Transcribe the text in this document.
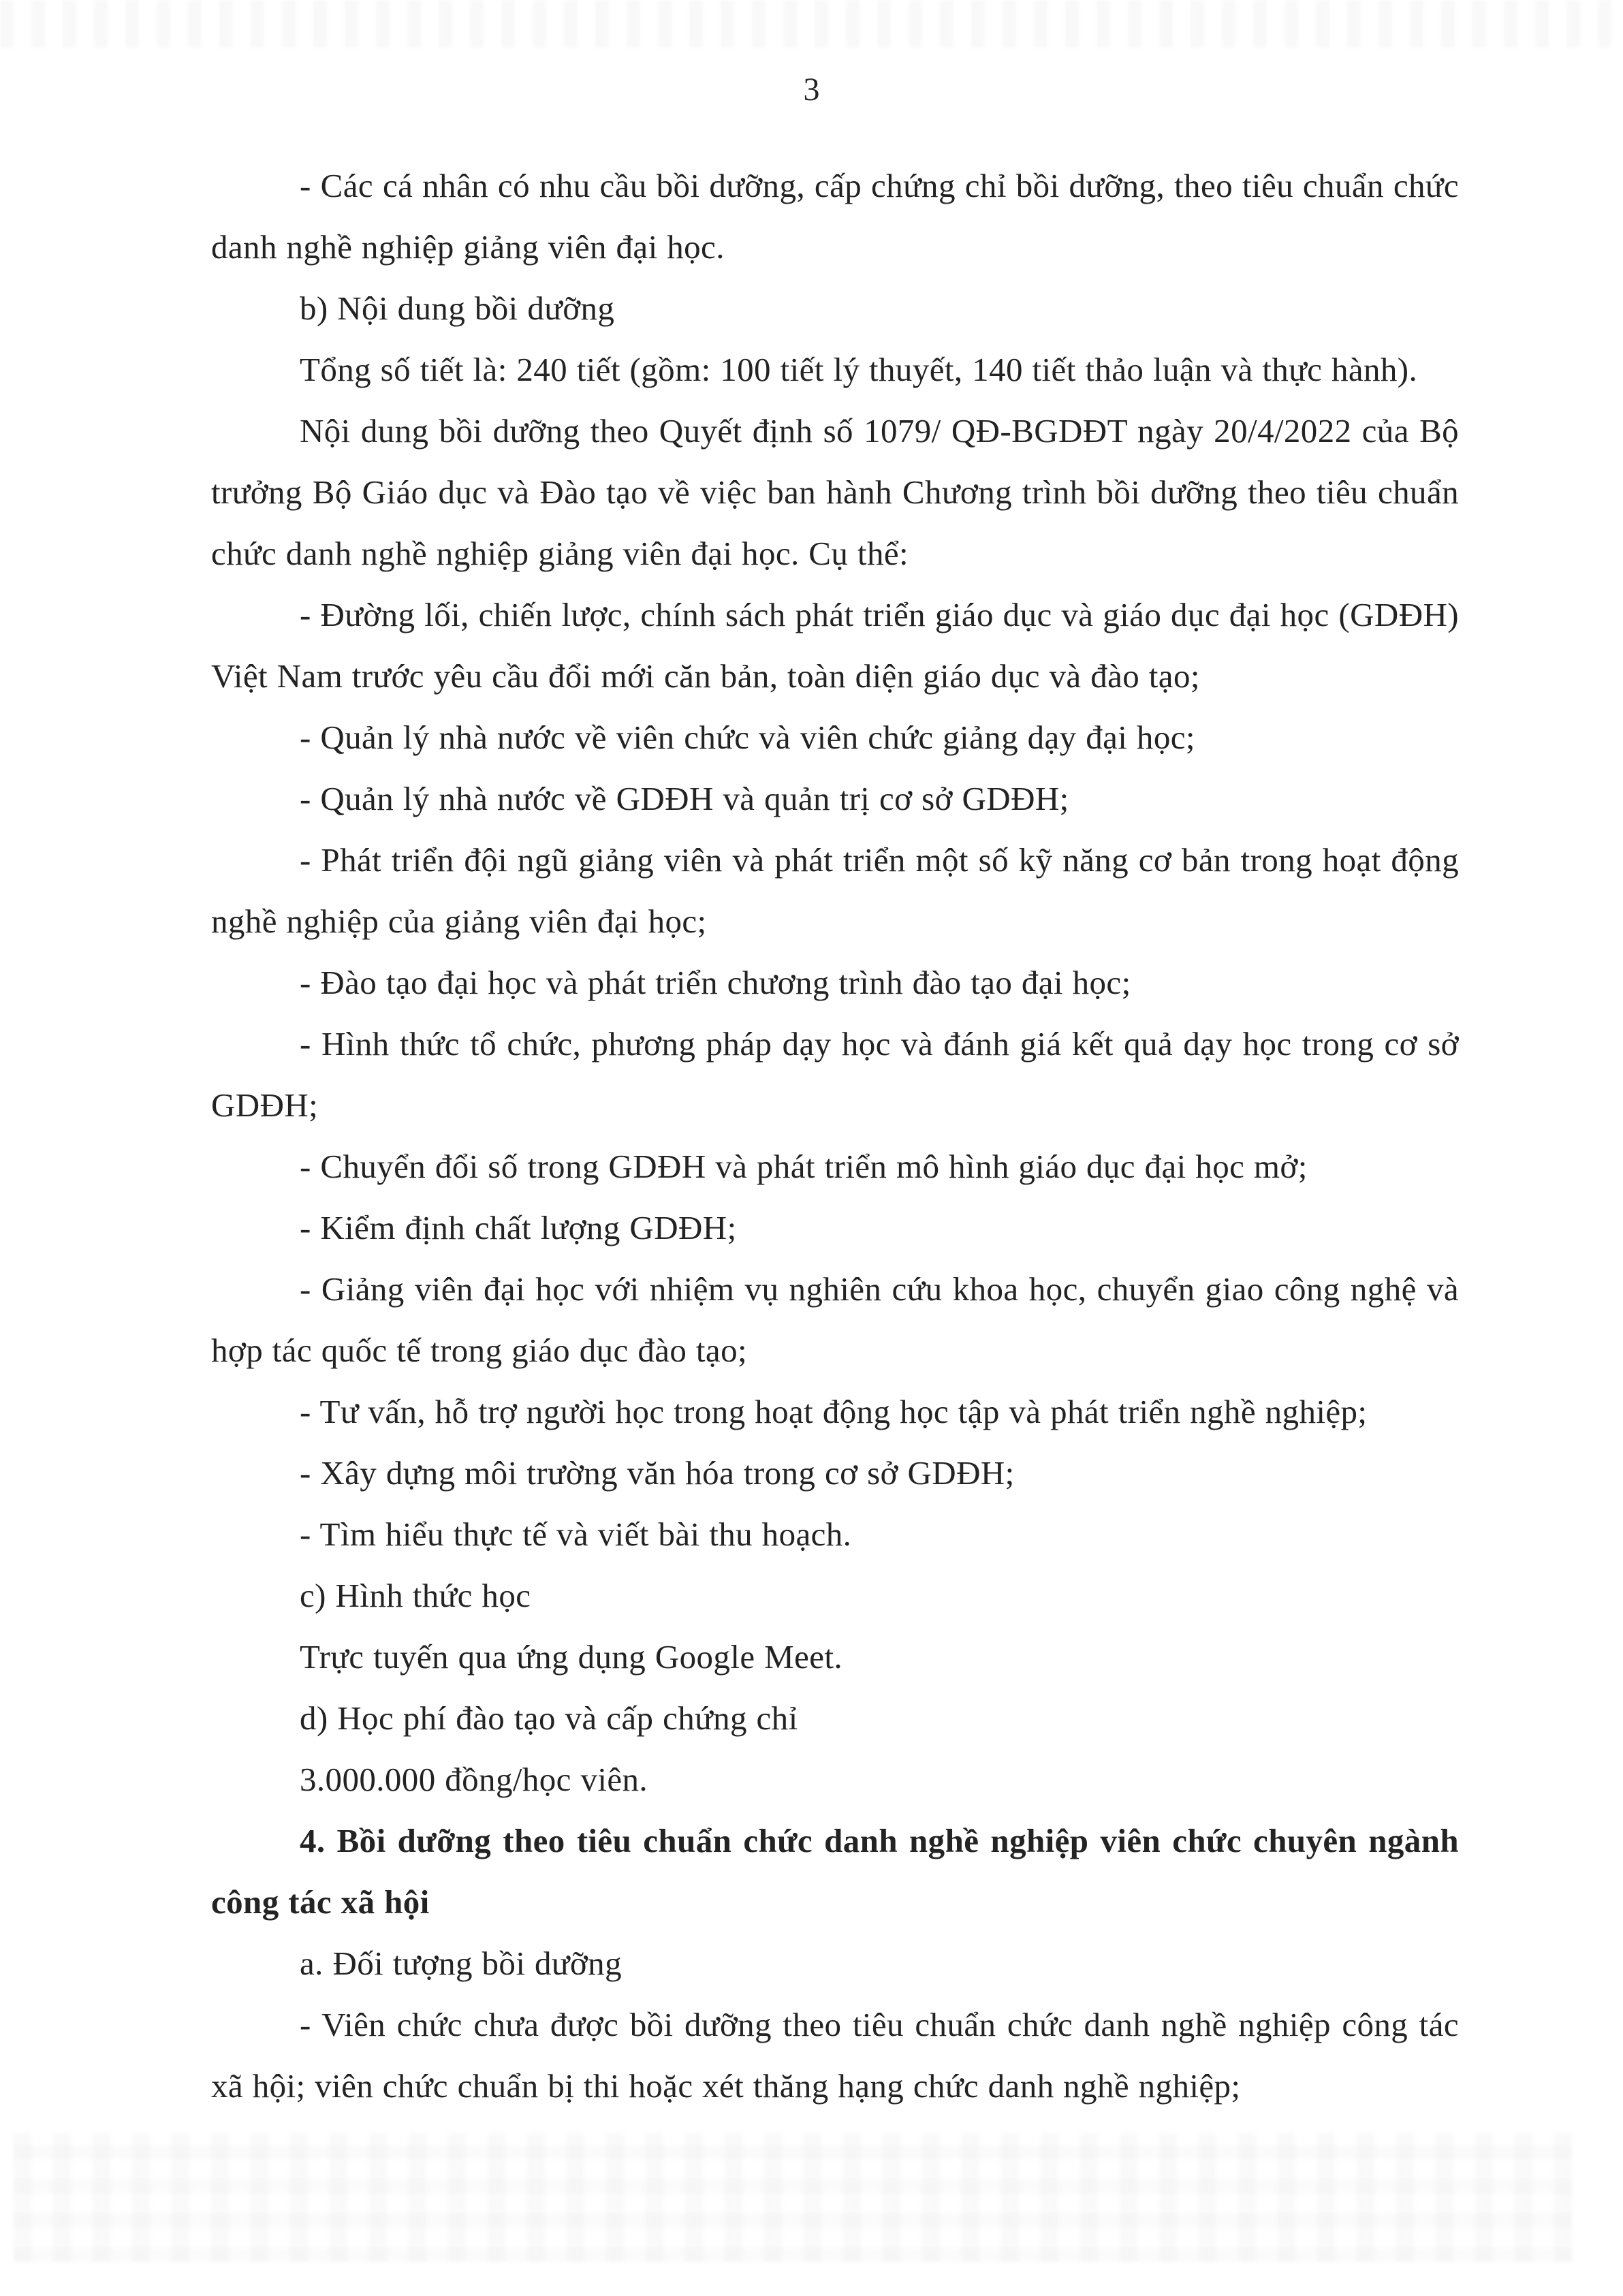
3

- Các cá nhân có nhu cầu bồi dưỡng, cấp chứng chỉ bồi dưỡng, theo tiêu chuẩn chức danh nghề nghiệp giảng viên đại học.

b) Nội dung bồi dưỡng

Tổng số tiết là: 240 tiết (gồm: 100 tiết lý thuyết, 140 tiết thảo luận và thực hành).

Nội dung bồi dưỡng theo Quyết định số 1079/ QĐ-BGDĐT ngày 20/4/2022 của Bộ trưởng Bộ Giáo dục và Đào tạo về việc ban hành Chương trình bồi dưỡng theo tiêu chuẩn chức danh nghề nghiệp giảng viên đại học. Cụ thể:

- Đường lối, chiến lược, chính sách phát triển giáo dục và giáo dục đại học (GDĐH) Việt Nam trước yêu cầu đổi mới căn bản, toàn diện giáo dục và đào tạo;

- Quản lý nhà nước về viên chức và viên chức giảng dạy đại học;

- Quản lý nhà nước về GDĐH và quản trị cơ sở GDĐH;

- Phát triển đội ngũ giảng viên và phát triển một số kỹ năng cơ bản trong hoạt động nghề nghiệp của giảng viên đại học;

- Đào tạo đại học và phát triển chương trình đào tạo đại học;

- Hình thức tổ chức, phương pháp dạy học và đánh giá kết quả dạy học trong cơ sở GDĐH;

- Chuyển đổi số trong GDĐH và phát triển mô hình giáo dục đại học mở;

- Kiểm định chất lượng GDĐH;

- Giảng viên đại học với nhiệm vụ nghiên cứu khoa học, chuyển giao công nghệ và hợp tác quốc tế trong giáo dục đào tạo;

- Tư vấn, hỗ trợ người học trong hoạt động học tập và phát triển nghề nghiệp;

- Xây dựng môi trường văn hóa trong cơ sở GDĐH;

- Tìm hiểu thực tế và viết bài thu hoạch.

c) Hình thức học

Trực tuyến qua ứng dụng Google Meet.

d) Học phí đào tạo và cấp chứng chỉ

3.000.000 đồng/học viên.

4. Bồi dưỡng theo tiêu chuẩn chức danh nghề nghiệp viên chức chuyên ngành công tác xã hội

a. Đối tượng bồi dưỡng

- Viên chức chưa được bồi dưỡng theo tiêu chuẩn chức danh nghề nghiệp công tác xã hội; viên chức chuẩn bị thi hoặc xét thăng hạng chức danh nghề nghiệp;
